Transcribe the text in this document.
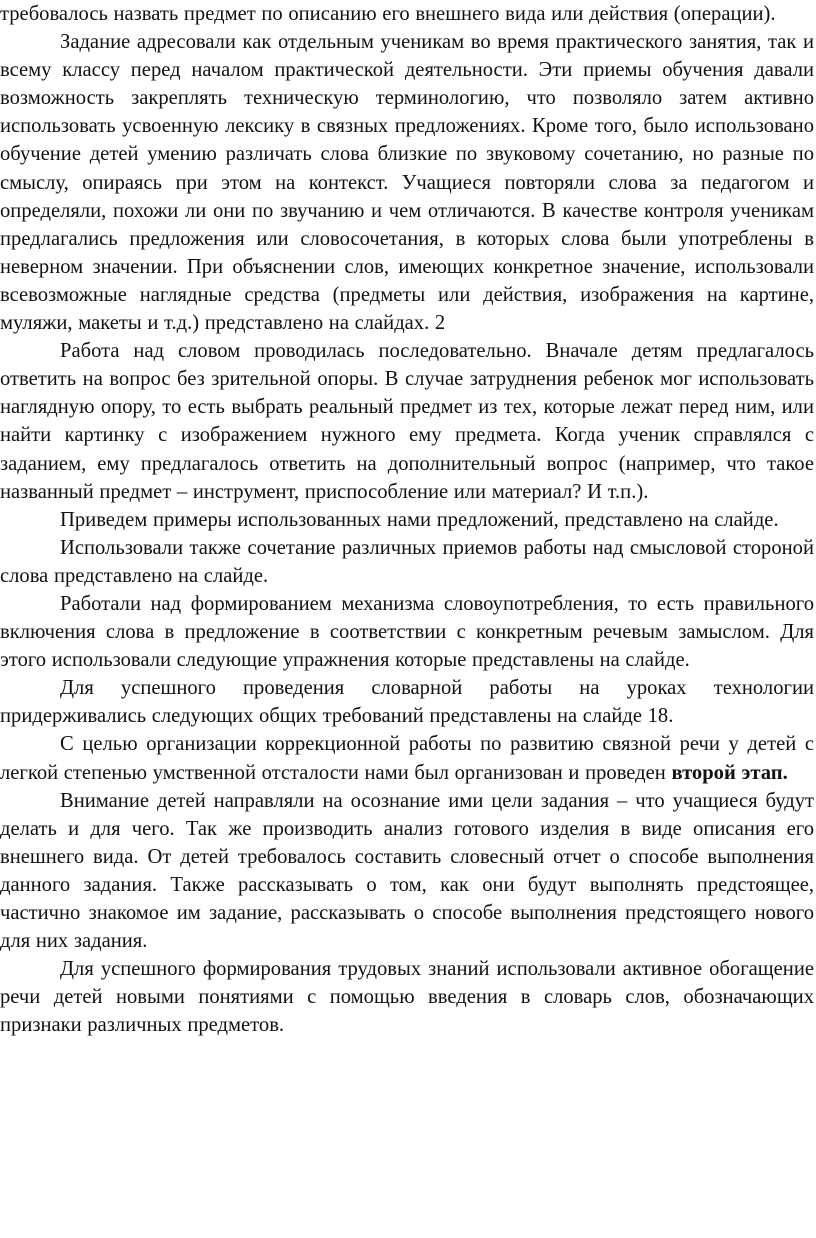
требовалось назвать предмет по описанию его внешнего вида или действия (операции).

Задание адресовали как отдельным ученикам во время практического занятия, так и всему классу перед началом практической деятельности. Эти приемы обучения давали возможность закреплять техническую терминологию, что позволяло затем активно использовать усвоенную лексику в связных предложениях. Кроме того, было использовано обучение детей умению различать слова близкие по звуковому сочетанию, но разные по смыслу, опираясь при этом на контекст. Учащиеся повторяли слова за педагогом и определяли, похожи ли они по звучанию и чем отличаются. В качестве контроля ученикам предлагались предложения или словосочетания, в которых слова были употреблены в неверном значении. При объяснении слов, имеющих конкретное значение, использовали всевозможные наглядные средства (предметы или действия, изображения на картине, муляжи, макеты и т.д.) представлено на слайдах. 2

Работа над словом проводилась последовательно. Вначале детям предлагалось ответить на вопрос без зрительной опоры. В случае затруднения ребенок мог использовать наглядную опору, то есть выбрать реальный предмет из тех, которые лежат перед ним, или найти картинку с изображением нужного ему предмета. Когда ученик справлялся с заданием, ему предлагалось ответить на дополнительный вопрос (например, что такое названный предмет – инструмент, приспособление или материал? И т.п.).

Приведем примеры использованных нами предложений, представлено на слайде.

Использовали также сочетание различных приемов работы над смысловой стороной слова представлено на слайде.

Работали над формированием механизма словоупотребления, то есть правильного включения слова в предложение в соответствии с конкретным речевым замыслом. Для этого использовали следующие упражнения которые представлены на слайде.

Для успешного проведения словарной работы на уроках технологии придерживались следующих общих требований представлены на слайде 18.

С целью организации коррекционной работы по развитию связной речи у детей с легкой степенью умственной отсталости нами был организован и проведен второй этап.

Внимание детей направляли на осознание ими цели задания – что учащиеся будут делать и для чего. Так же производить анализ готового изделия в виде описания его внешнего вида. От детей требовалось составить словесный отчет о способе выполнения данного задания. Также рассказывать о том, как они будут выполнять предстоящее, частично знакомое им задание, рассказывать о способе выполнения предстоящего нового для них задания.

Для успешного формирования трудовых знаний использовали активное обогащение речи детей новыми понятиями с помощью введения в словарь слов, обозначающих признаки различных предметов.
